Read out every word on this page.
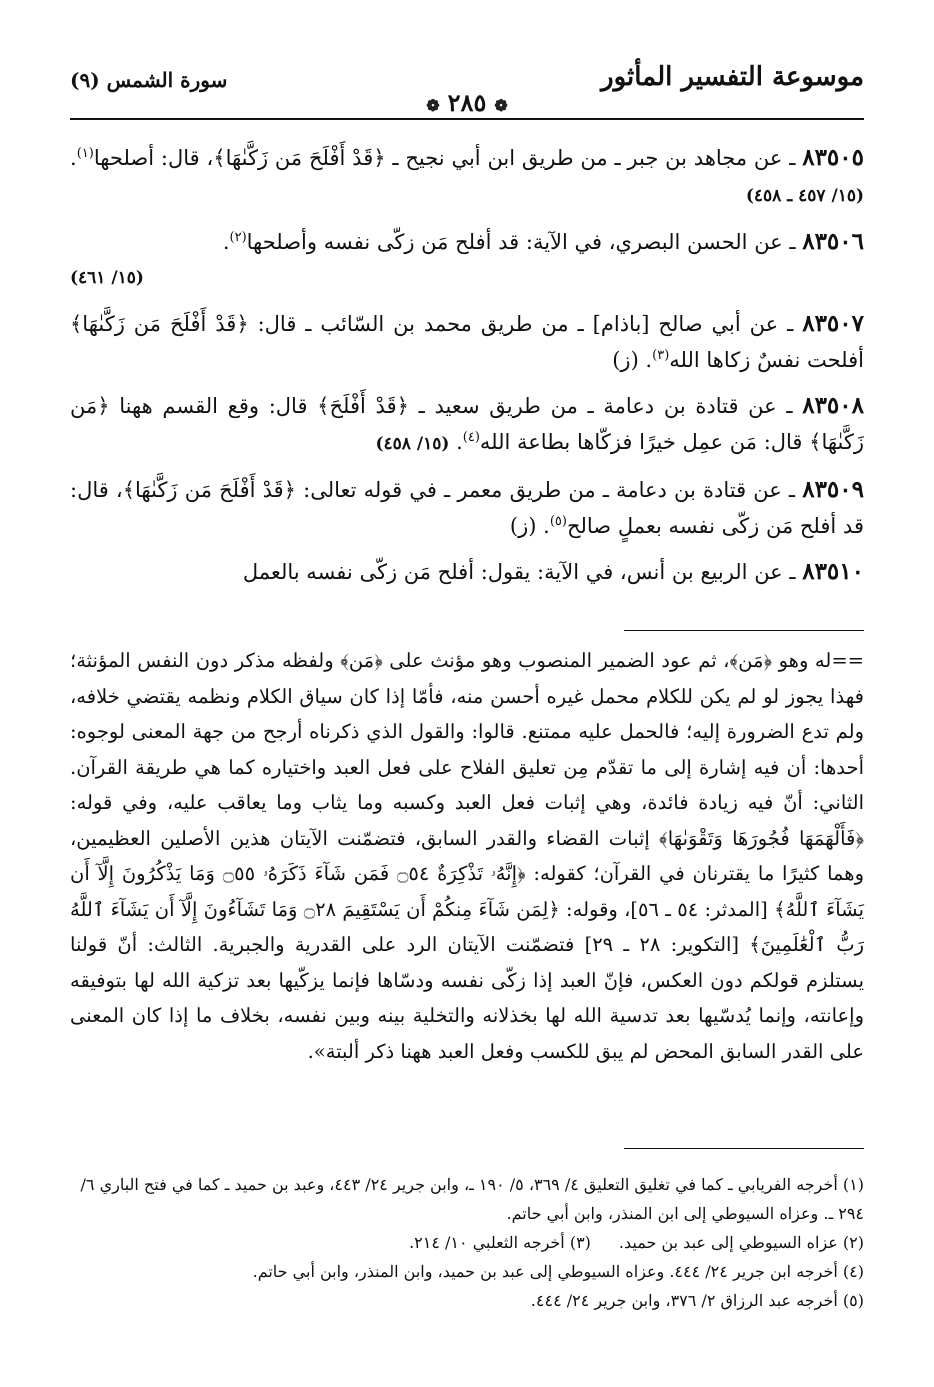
موسوعة التفسير المأثور
سورة الشمس (٩)
❁٢٨٥❁
٨٣٥٠٥ ـ عن مجاهد بن جبر ـ من طريق ابن أبي نجيح ـ ﴿قَدْ أَفْلَحَ مَن زَكَّىٰهَا﴾، قال: أصلحها$^{(١)}$. (١٥/ ٤٥٧ ـ ٤٥٨)
٨٣٥٠٦ ـ عن الحسن البصري، في الآية: قد أفلح مَن زكّى نفسه وأصلحها$^{(٢)}$.
(١٥/ ٤٦١)
٨٣٥٠٧ ـ عن أبي صالح [باذام] ـ من طريق محمد بن السّائب ـ قال: ﴿قَدْ أَفْلَحَ مَن زَكَّىٰهَا﴾ أفلحت نفسٌ زكاها الله$^{(٣)}$. (ز)
٨٣٥٠٨ ـ عن قتادة بن دعامة ـ من طريق سعيد ـ ﴿قَدْ أَفْلَحَ﴾ قال: وقع القسم ههنا ﴿مَن زَكَّىٰهَا﴾ قال: مَن عمِل خيرًا فزكّاها بطاعة الله$^{(٤)}$. (١٥/ ٤٥٨)
٨٣٥٠٩ ـ عن قتادة بن دعامة ـ من طريق معمر ـ في قوله تعالى: ﴿قَدْ أَفْلَحَ مَن زَكَّىٰهَا﴾، قال: قد أفلح مَن زكّى نفسه بعملٍ صالح$^{(٥)}$. (ز)
٨٣٥١٠ ـ عن الربيع بن أنس، في الآية: يقول: أفلح مَن زكّى نفسه بالعمل
==له وهو ﴿مَن﴾، ثم عود الضمير المنصوب وهو مؤنث على ﴿مَن﴾ ولفظه مذكر دون النفس المؤنثة؛ فهذا يجوز لو لم يكن للكلام محمل غيره أحسن منه، فأمّا إذا كان سياق الكلام ونظمه يقتضي خلافه، ولم تدع الضرورة إليه؛ فالحمل عليه ممتنع. قالوا: والقول الذي ذكرناه أرجح من جهة المعنى لوجوه: أحدها: أن فيه إشارة إلى ما تقدّم مِن تعليق الفلاح على فعل العبد واختياره كما هي طريقة القرآن. الثاني: أنّ فيه زيادة فائدة، وهي إثبات فعل العبد وكسبه وما يثاب وما يعاقب عليه، وفي قوله: ﴿فَأَلْهَمَهَا فُجُورَهَا وَتَقْوَىٰهَا﴾ إثبات القضاء والقدر السابق، فتضمّنت الآيتان هذين الأصلين العظيمين، وهما كثيرًا ما يقترنان في القرآن؛ كقوله: ﴿إِنَّهُۥ تَذْكِرَةٌ ۝٥٤ فَمَن شَآءَ ذَكَرَهُۥ ۝٥٥ وَمَا يَذْكُرُونَ إِلَّآ أَن يَشَآءَ ٱللَّهُ﴾ [المدثر: ٥٤ ـ ٥٦]، وقوله: ﴿لِمَن شَآءَ مِنكُمْ أَن يَسْتَقِيمَ ۝٢٨ وَمَا تَشَآءُونَ إِلَّآ أَن يَشَآءَ ٱللَّهُ رَبُّ ٱلْعَٰلَمِينَ﴾ [التكوير: ٢٨ ـ ٢٩] فتضمّنت الآيتان الرد على القدرية والجبرية. الثالث: أنّ قولنا يستلزم قولكم دون العكس، فإنّ العبد إذا زكّى نفسه ودسّاها فإنما يزكّيها بعد تزكية الله لها بتوفيقه وإعانته، وإنما يُدسّيها بعد تدسية الله لها بخذلانه والتخلية بينه وبين نفسه، بخلاف ما إذا كان المعنى على القدر السابق المحض لم يبق للكسب وفعل العبد ههنا ذكر ألبتة».
(١) أخرجه الفريابي ـ كما في تغليق التعليق ٤/ ٣٦٩، ٥/ ١٩٠ ـ، وابن جرير ٢٤/ ٤٤٣، وعبد بن حميد ـ كما في فتح الباري ٦/ ٢٩٤ ـ. وعزاه السيوطي إلى ابن المنذر، وابن أبي حاتم.
(٢) عزاه السيوطي إلى عبد بن حميد.
(٣) أخرجه الثعلبي ١٠/ ٢١٤.
(٤) أخرجه ابن جرير ٢٤/ ٤٤٤. وعزاه السيوطي إلى عبد بن حميد، وابن المنذر، وابن أبي حاتم.
(٥) أخرجه عبد الرزاق ٢/ ٣٧٦، وابن جرير ٢٤/ ٤٤٤.
